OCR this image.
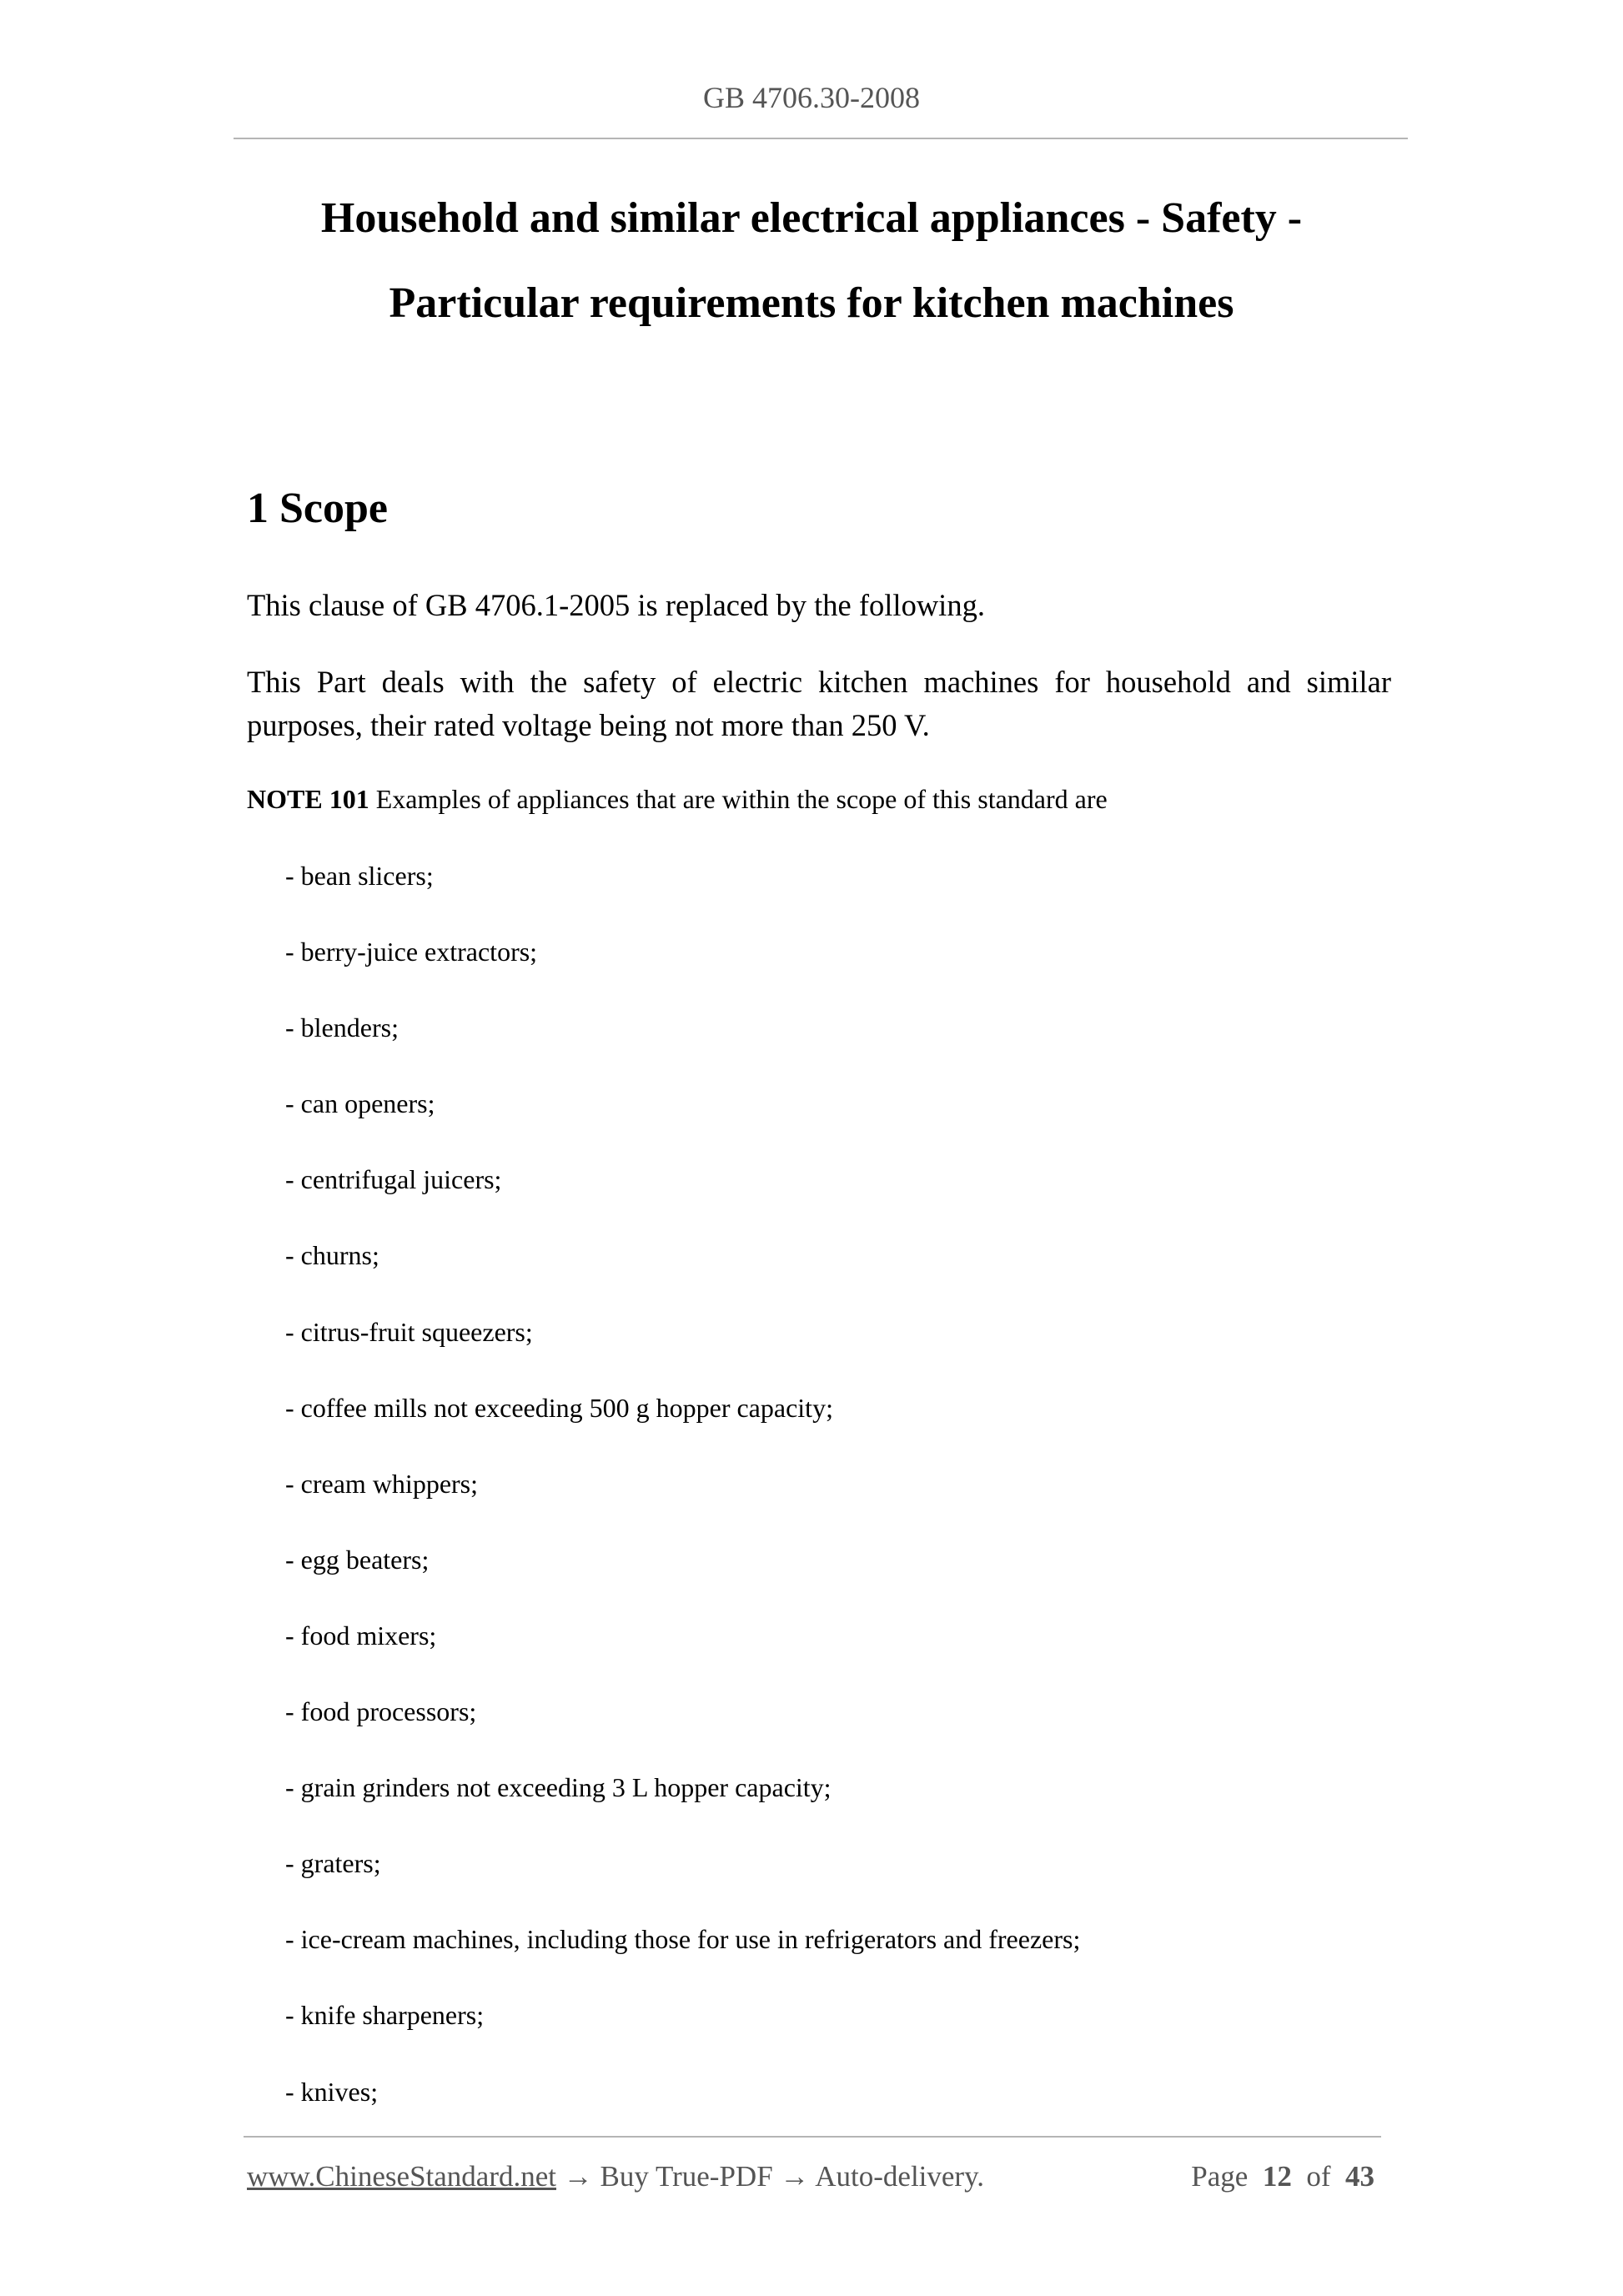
GB 4706.30-2008
Household and similar electrical appliances - Safety -
Particular requirements for kitchen machines
1 Scope

This clause of GB 4706.1-2005 is replaced by the following.

This Part deals with the safety of electric kitchen machines for household and similar purposes, their rated voltage being not more than 250 V.

NOTE 101 Examples of appliances that are within the scope of this standard are

- bean slicers;
- berry-juice extractors;
- blenders;
- can openers;
- centrifugal juicers;
- churns;
- citrus-fruit squeezers;
- coffee mills not exceeding 500 g hopper capacity;
- cream whippers;
- egg beaters;
- food mixers;
- food processors;
- grain grinders not exceeding 3 L hopper capacity;
- graters;
- ice-cream machines, including those for use in refrigerators and freezers;
- knife sharpeners;
- knives;
www.ChineseStandard.net → Buy True-PDF → Auto-delivery.	Page 12 of 43
